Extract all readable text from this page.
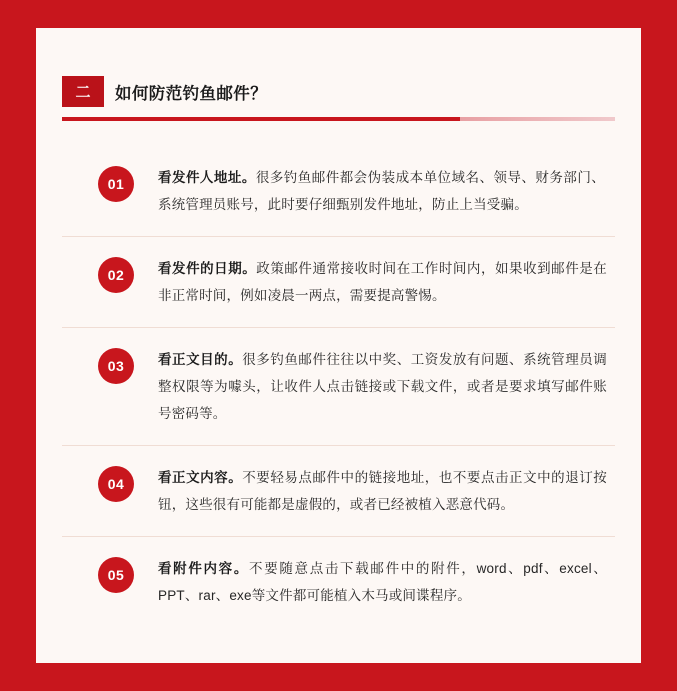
二	如何防范钓鱼邮件？
01	看发件人地址。很多钓鱼邮件都会伪装成本单位域名、领导、财务部门、系统管理员账号，此时要仔细甄别发件地址，防止上当受骗。
02	看发件的日期。政策邮件通常接收时间在工作时间内，如果收到邮件是在非正常时间，例如凌晨一两点，需要提高警惕。
03	看正文目的。很多钓鱼邮件往往以中奖、工资发放有问题、系统管理员调整权限等为噱头，让收件人点击链接或下载文件，或者是要求填写邮件账号密码等。
04	看正文内容。不要轻易点邮件中的链接地址，也不要点击正文中的退订按钮，这些很有可能都是虚假的，或者已经被植入恶意代码。
05	看附件内容。不要随意点击下载邮件中的附件，word、pdf、excel、PPT、rar、exe等文件都可能植入木马或间谍程序。
